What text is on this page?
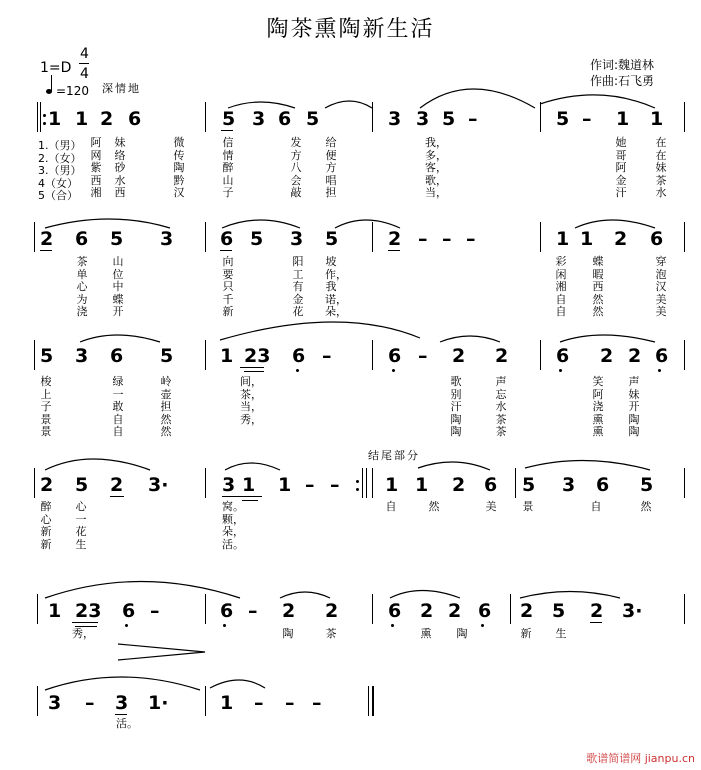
陶茶熏陶新生活
1=D
4
4
=120 深情地
作词:魏道林
作曲:石飞勇
结尾部分
1 1 2 6	5 3 6 5	3 3 5 –	5 – 1 1
1.（男）
2.（女）
3.（男）
4（女）
5（合）
阿
网
紫
西
湘
妹
络
砂
水
西
微
传
陶
黔
汉
信
情
醉
山
子
发
方
八
会
敲
给
便
方
唱
担
我，
多，
客，
歌，
当，
她
哥
阿
金
汗
在
在
妹
茶
水
2 6 5 3 6 5 3 5	2 – – –	1 1 2 6
茶
单
心
为
浇
山
位
中
蝶
开
向
要
只
千
新
阳
工
有
金
花
坡
作，
我
诺，
朵，
彩
闲
湘
自
自
蝶
暇
西
然
然
穿
泡
汉
美
美
5 3 6 5 1 23 6 –	6 – 2 2	6 2 2 6
梭
上
子
景
景
绿
一
敢
自
自
岭
壶
担
然
然
间，
茶，
当，
秀，
歌
别
汗
陶
陶
声
忘
水
茶
茶
笑
阿
浇
熏
熏
声
妹
开
陶
陶
2 5 2 3·	3 1 1 – – 1 1 2 6 5 3 6 5
醉
心
新
新
心
一
花
生
窝。
颗，
朵，
活。
自	然	美 景	自	然
1 23 6 –	6 – 2 2	6 2 2 6 2 5 2 3·
秀，	陶	茶	熏 陶	新 生
3 – 3 1·	1 – – –
活。
歌谱简谱网 jianpu.cn
